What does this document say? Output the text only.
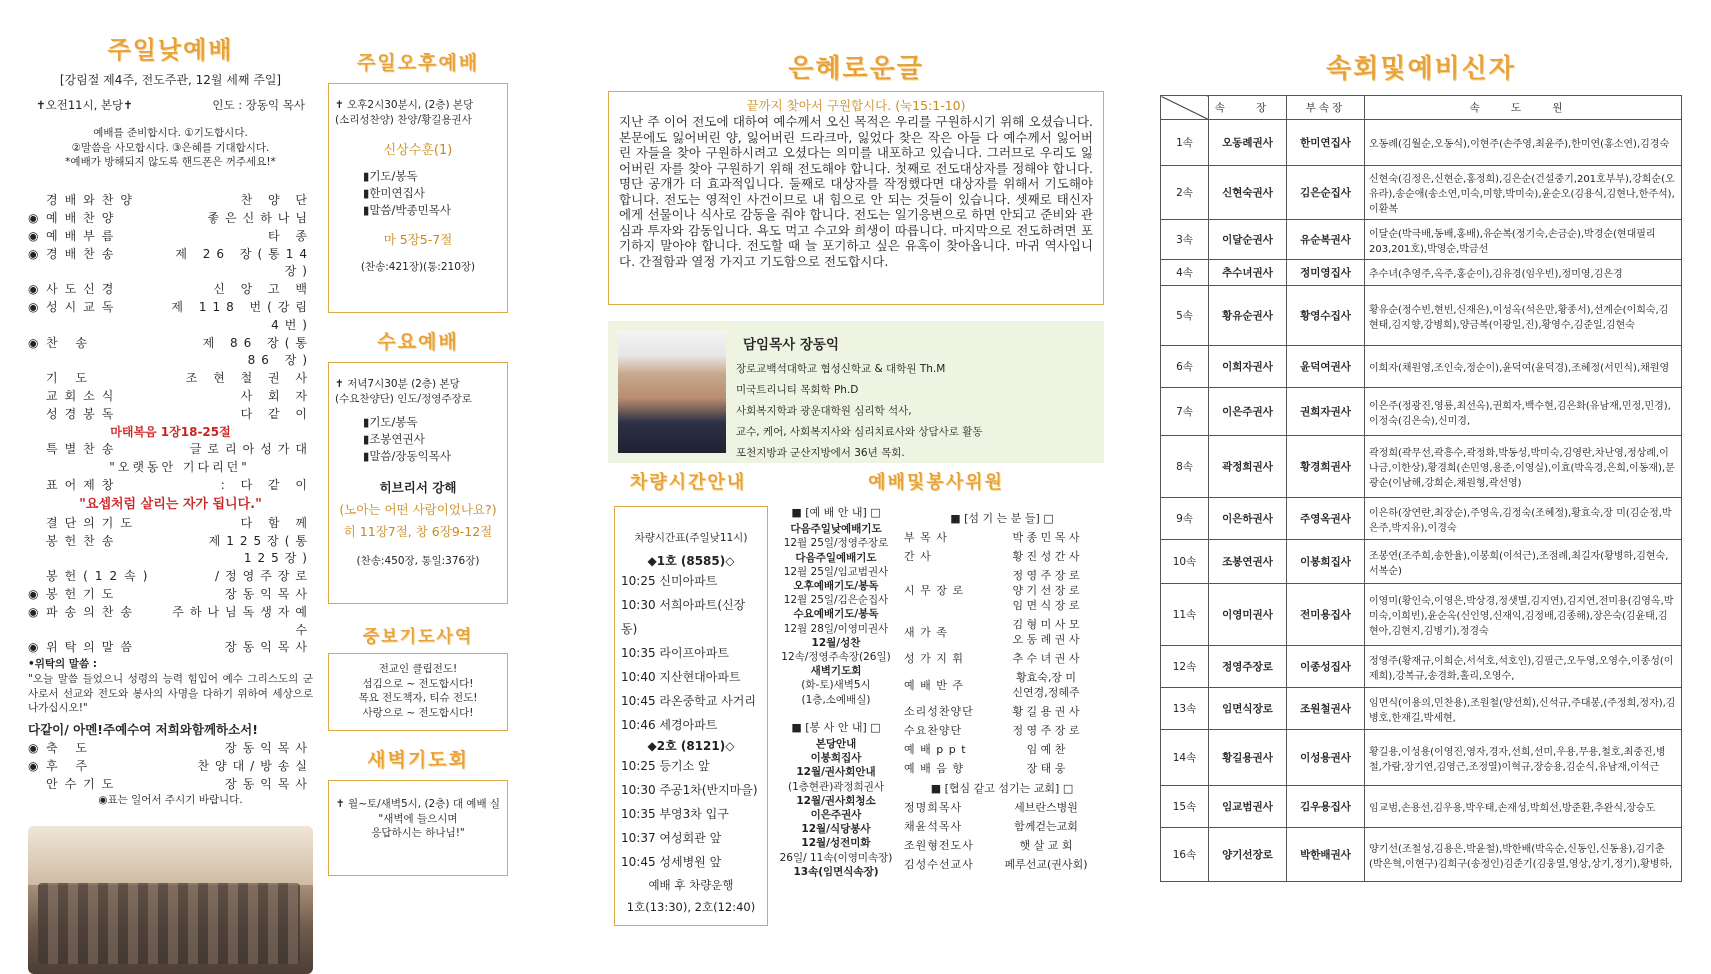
주일낮예배
[강림절 제4주, 전도주관, 12월 세째 주일]
✝오전11시, 본당✝	인도 : 장동익 목사
예배를 준비합시다. ①기도합시다.
②말씀을 사모합시다. ③은혜를 기대합시다.
*예배가 방해되지 않도록 핸드폰은 꺼주세요!*
경배와찬양	찬 양 단
◉ 예배찬양	좋은신하나님
◉ 예배부름	타 종
◉ 경배찬송	제 26 장(통14장)
◉ 사도신경	신 앙 고 백
◉ 성시교독	제 118 번(강림4번)
◉ 찬 송	제 86 장(통 86 장)
기 도	조 현 철 권 사
교회소식	사 회 자
성경봉독	다 같 이
마태복음 1장18-25절
특별찬송	글로리아성가대
"오랫동안 기다리던"
표어제창	: 다 같 이
"요셉처럼 살리는 자가 됩니다."
결단의기도	다 함 께
봉헌찬송	제125장(통125장)
봉헌(12속)	/정영주장로
◉ 봉헌기도	장동익목사
◉ 파송의찬송	주하나님독생자예수
◉ 위탁의말씀	장동익목사
•위탁의 말씀 :
"오늘 말씀 들었으니 성령의 능력 힘입어 예수 그리스도의 군사로서 선교와 전도와 봉사의 사명을 다하기 위하여 세상으로 나가십시오!"
다같이/ 아멘!주예수여 저희와함께하소서!
◉ 축 도	장동익목사
◉ 후 주	찬양대/방송실
안수기도	장동익목사
◉표는 일어서 주시기 바랍니다.
주일오후예배
✝ 오후2시30분시, (2층) 본당
(소리성찬양) 찬양/황길용권사
신상수훈(1)
▮기도/봉독
▮한미연집사
▮말씀/박종민목사
마 5장5-7절
(찬송:421장)(통:210장)
수요예배
✝ 저녁7시30분 (2층) 본당
(수요찬양단) 인도/정영주장로
▮기도/봉독
▮조봉연권사
▮말씀/장동익목사
히브리서 강해
(노아는 어떤 사람이었나요?)
히 11장7절, 창 6장9-12절
(찬송:450장, 통일:376장)
중보기도사역
전교인 클립전도!
섬김으로 ~ 전도합시다!
목요 전도책자, 티슈 전도!
사랑으로 ~ 전도합시다!
새벽기도회
✝ 월~토/새벽5시, (2층) 대 예배 실
"새벽에 들으시며
응답하시는 하나님!"
은혜로운글
끝까지 찾아서 구원합시다. (눅15:1-10)
지난 주 이어 전도에 대하여 예수께서 오신 목적은 우리를 구원하시기 위해 오셨습니다. 본문에도 잃어버린 양, 잃어버린 드라크마, 잃었다 찾은 작은 아들 다 예수께서 잃어버린 자들을 찾아 구원하시려고 오셨다는 의미를 내포하고 있습니다. 그러므로 우리도 잃어버린 자를 찾아 구원하기 위해 전도해야 합니다. 첫째로 전도대상자를 정해야 합니다. 명단 공개가 더 효과적입니다. 둘째로 대상자를 작정했다면 대상자를 위해서 기도해야 합니다. 전도는 영적인 사건이므로 내 힘으로 안 되는 것들이 있습니다. 셋째로 태신자에게 선물이나 식사로 감동을 줘야 합니다. 전도는 일기응변으로 하면 안되고 준비와 관심과 투자와 감동입니다. 욕도 먹고 수고와 희생이 따릅니다. 마지막으로 전도하려면 포기하지 말아야 합니다. 전도할 때 늘 포기하고 싶은 유혹이 찾아옵니다. 마귀 역사입니다. 간절함과 열정 가지고 기도함으로 전도합시다.
담임목사 장동익
장로교백석대학교 협성신학교 & 대학원 Th.M
미국트리니티 목회학 Ph.D
사회복지학과 광운대학원 심리학 석사,
교수, 케어, 사회복지사와 심리치료사와 상담사로 활동
포천지방과 군산지방에서 36년 목회.
차량시간안내
차량시간표(주일낮11시)
◆1호 (8585)◇
10:25 신미아파트
10:30 서희아파트(신장동)
10:35 라이프아파트
10:40 지산현대아파트
10:45 라온중학교 사거리
10:46 세경아파트
◆2호 (8121)◇
10:25 등기소 앞
10:30 주공1차(반지마을)
10:35 부영3차 입구
10:37 여성회관 앞
10:45 성세병원 앞
예배 후 차량운행
1호(13:30), 2호(12:40)
예배및봉사위원
■ [예 배 안 내] □
다음주일낮예배기도
12월 25일/정영주장로
다음주일예배기도
12월 25일/임교범권사
오후예배기도/봉독
12월 25일/김은순집사
수요예배기도/봉독
12월 28일/이영미권사
12월/성찬
12속/정영주속장(26일)
새벽기도회
(화-토)새벽5시
(1층,소예배실)
■ [봉 사 안 내] □
본당안내
이봉희집사
12월/권사회안내
(1층현관)곽정희권사
12월/권사회청소
이은주권사
12월/식당봉사
12월/성전미화
26일/ 11속(이영미속장)
13속(임면식속장)
■ [섬 기 는 분 들] □
부 목 사	박 종 민 목 사
간 사	황 진 성 간 사
시 무 장 로
정 영 주 장 로
양 기 선 장 로
임 면 식 장 로
새 가 족
김 형 미 사 모
오 동 례 권 사
성 가 지 휘	추 수 녀 권 사
예 배 반 주
황효숙,장 미
신연경,정혜주
소리성찬양단	황 길 용 권 사
수요찬양단	정 영 주 장 로
예 배 p p t	임 예 찬
예 배 음 향	장 태 웅
■ [협심 같고 섬기는 교회] □
정명희목사	세브란스병원
채윤석목사	함께걷는교회
조원형전도사	햇 살 교 회
김성수선교사	페루선교(권사회)
속회및예비신자
	속 장	부속장	속 도 원
1속	오동례권사	한미연집사	오동례(김월순,오동식),이현주(손주영,최윤주),한미연(홍소연),김경숙
2속	신현숙권사	김은순집사	신현숙(김정은,신현순,홍정희),김은순(건설중기,201호부부),강희순(오유라),송순애(송소연,미숙,미향,박미숙),윤순오(김용식,김현나,한주석),이환복
3속	이달순권사	유순복권사	이달순(박극배,동배,홍배),유순복(정기숙,손금순),박경순(현대필리203,201호),박영순,박금선
4속	추수녀권사	정미영집사	추수녀(추영주,옥주,홍순이),김유경(임우빈),정미영,김은경
5속	황유순권사	황영수집사	황유순(정수빈,현빈,신재은),이성옥(석은만,황종서),선계순(이희숙,김현태,김지향,강병희),양금복(이광일,진),황영수,김준일,김현숙
6속	이희자권사	윤덕여권사	이희자(채원영,조인숙,정순이),윤덕여(윤덕경),조혜정(서민식),채원영
7속	이은주권사	권희자권사	이은주(정광진,영룡,최선옥),권희자,백수현,김은화(유남재,민정,민경),이정숙(김은숙),신미경,
8속	곽정희권사	황경희권사	곽정희(곽무선,곽흥수,곽정화,박동성,박미숙,김영란,차난영,정상례,이나금,이한상),황경희(손민영,용준,이영실),이효(박옥경,은희,이동재),문광순(이남해,강희순,채원형,곽선영)
9속	이은하권사	주영옥권사	이은하(장연란,최장순),주영옥,김정숙(조혜정),황효숙,장 미(김순정,박은주,박지유),이경숙
10속	조봉연권사	이봉희집사	조봉연(조주희,송한율),이봉희(이석근),조점례,최길자(황병하,김현숙,서복순)
11속	이영미권사	전미용집사	이영미(황인숙,이영은,박상경,정샛별,김지연),김지연,전미용(김영옥,박미숙,이희빈),윤순옥(신인영,신재익,김정배,김종해),장은숙(김윤태,김현아,김현지,김병기),정경숙
12속	정영주장로	이종성집사	정영주(황재규,이희순,서석호,석호인),김필근,오두영,오영수,이종성(이제희),강복규,송경화,홀리,오영수,
13속	임면식장로	조원철권사	임면식(이용의,민찬용),조원철(양선희),신석규,주대봉,(주정희,정자),김병호,한재길,박세현,
14속	황길용권사	이성용권사	황길용,이성용(이영진,영자,경자,선희,선미,우용,무용,철호,최중진,병철,가람,장기연,김영근,조정열)이혁규,장승용,김순식,유남재,이석근
15속	임교범권사	김우용집사	임교범,손용선,김우용,박우태,손재성,박희선,방준환,추완식,장승도
16속	양기선장로	박한배권사	양기선(조철성,김용은,박윤철),박한배(박옥순,신동인,신동용),김기춘(박은혁,이현구)김희구(송정인)김준기(김웅열,영상,상기,정기),황병하,
